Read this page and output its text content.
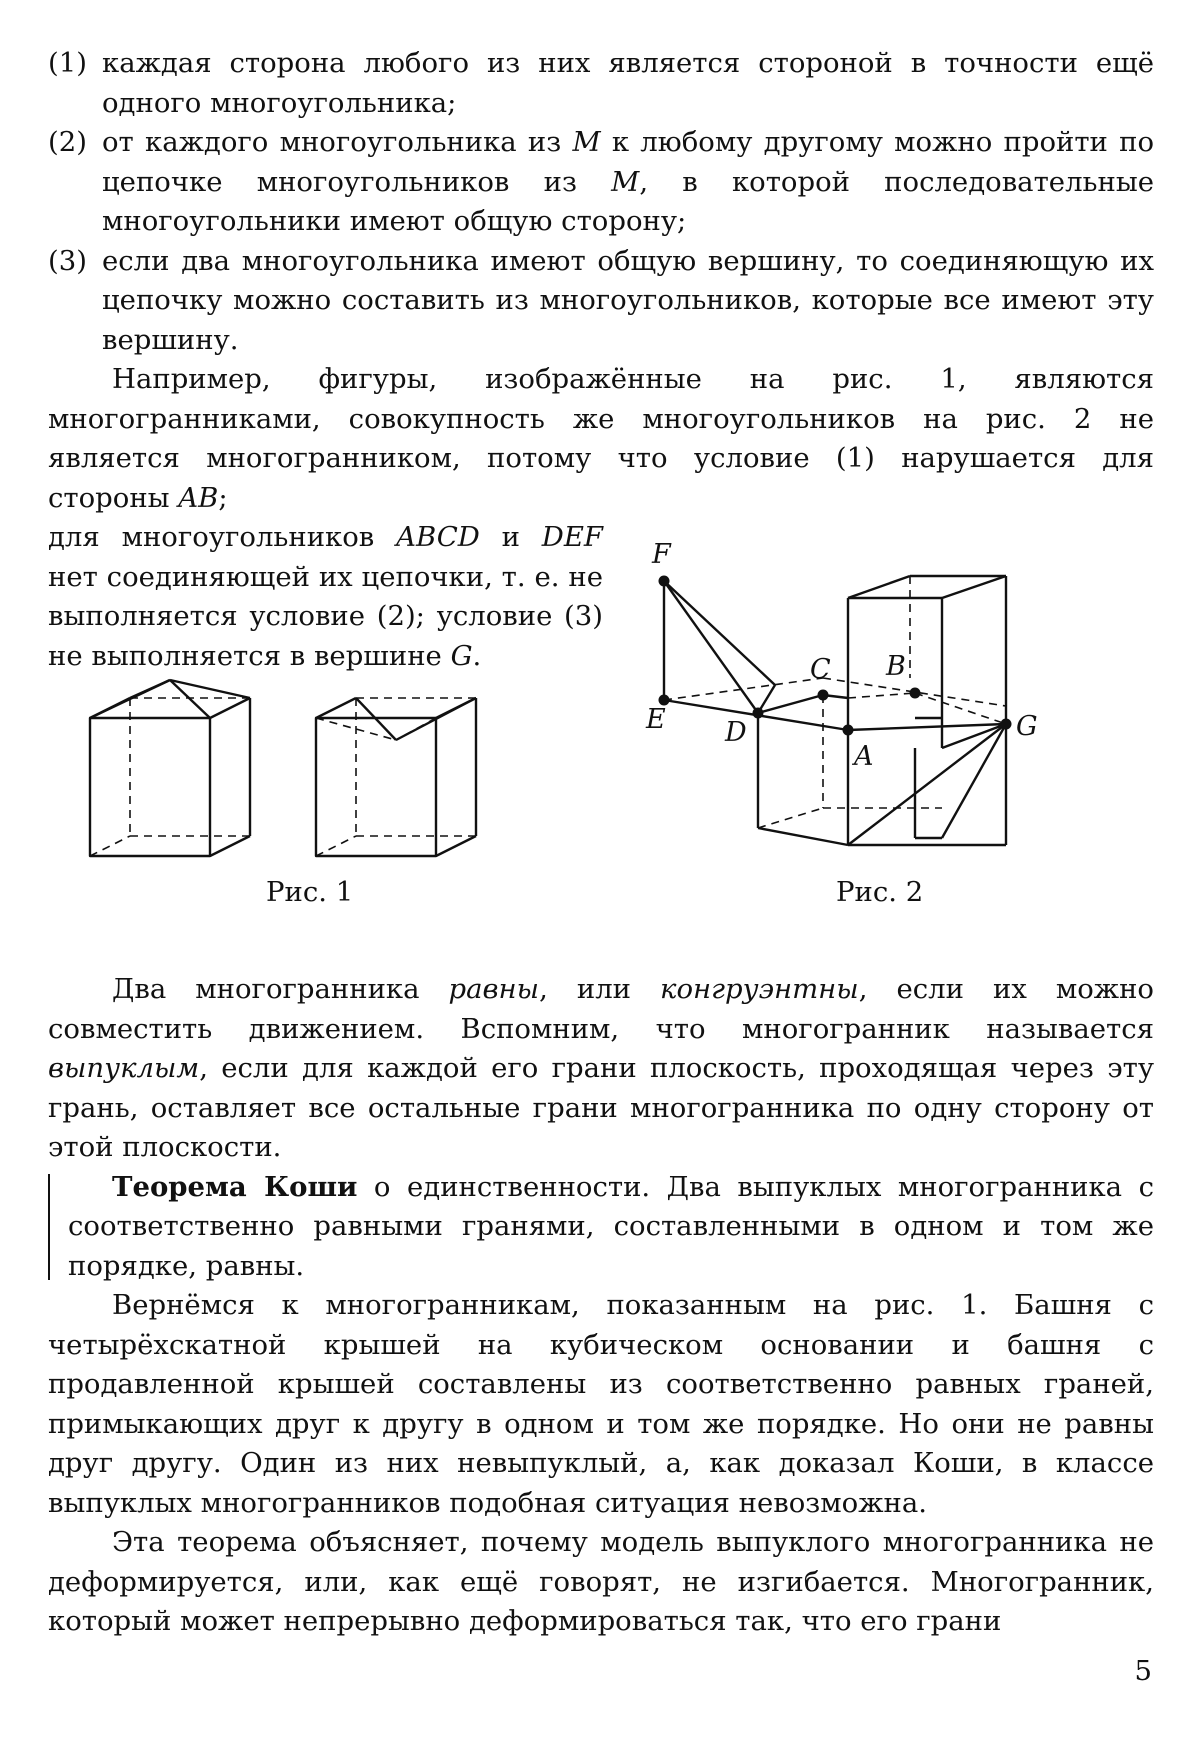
(1) каждая сторона любого из них является стороной в точности ещё одного многоугольника;
(2) от каждого многоугольника из M к любому другому можно пройти по цепочке многоугольников из M, в которой последовательные многоугольники имеют общую сторону;
(3) если два многоугольника имеют общую вершину, то соединяющую их цепочку можно составить из многоугольников, которые все имеют эту вершину.

Например, фигуры, изображённые на рис. 1, являются многогранниками, совокупность же многоугольников на рис. 2 не является многогранником, потому что условие (1) нарушается для стороны AB;

для многоугольников ABCD и DEF нет соединяющей их цепочки, т. е. не выполняется условие (2); условие (3) не выполняется в вершине G.

Рис. 1
F
E D
C B
A
G
Рис. 2

Два многогранника равны, или конгруэнтны, если их можно совместить движением. Вспомним, что многогранник называется выпуклым, если для каждой его грани плоскость, проходящая через эту грань, оставляет все остальные грани многогранника по одну сторону от этой плоскости.

Теорема Коши о единственности. Два выпуклых многогранника с соответственно равными гранями, составленными в одном и том же порядке, равны.

Вернёмся к многогранникам, показанным на рис. 1. Башня с четырёхскатной крышей на кубическом основании и башня с продавленной крышей составлены из соответственно равных граней, примыкающих друг к другу в одном и том же порядке. Но они не равны друг другу. Один из них невыпуклый, а, как доказал Коши, в классе выпуклых многогранников подобная ситуация невозможна.

Эта теорема объясняет, почему модель выпуклого многогранника не деформируется, или, как ещё говорят, не изгибается. Многогранник, который может непрерывно деформироваться так, что его грани

5
